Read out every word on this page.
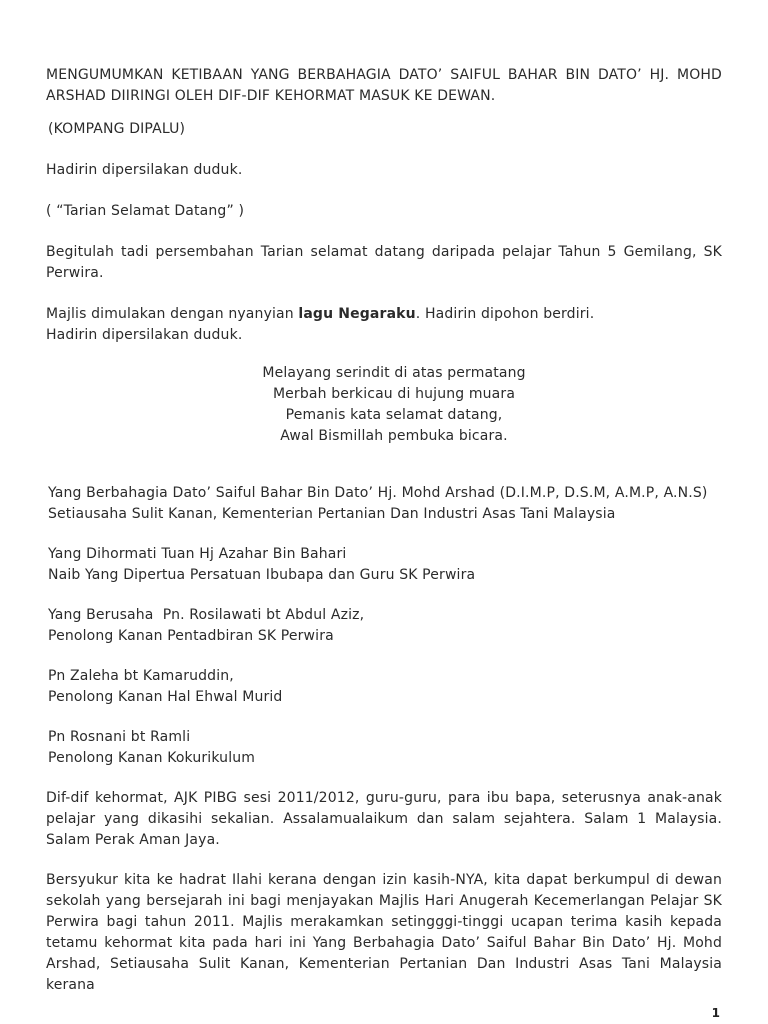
MENGUMUMKAN KETIBAAN YANG BERBAHAGIA DATO’ SAIFUL BAHAR BIN DATO’ HJ. MOHD ARSHAD DIIRINGI OLEH DIF-DIF KEHORMAT MASUK KE DEWAN.

(KOMPANG DIPALU)

Hadirin dipersilakan duduk.

( “Tarian Selamat Datang” )

Begitulah tadi persembahan Tarian selamat datang daripada pelajar Tahun 5 Gemilang, SK Perwira.

Majlis dimulakan dengan nyanyian lagu Negaraku. Hadirin dipohon berdiri.

Hadirin dipersilakan duduk.

Melayang serindit di atas permatang
Merbah berkicau di hujung muara
Pemanis kata selamat datang,
Awal Bismillah pembuka bicara.

Yang Berbahagia Dato’ Saiful Bahar Bin Dato’ Hj. Mohd Arshad (D.I.M.P, D.S.M, A.M.P, A.N.S)
Setiausaha Sulit Kanan, Kementerian Pertanian Dan Industri Asas Tani Malaysia

Yang Dihormati Tuan Hj Azahar Bin Bahari
Naib Yang Dipertua Persatuan Ibubapa dan Guru SK Perwira

Yang Berusaha  Pn. Rosilawati bt Abdul Aziz,
Penolong Kanan Pentadbiran SK Perwira

Pn Zaleha bt Kamaruddin,
Penolong Kanan Hal Ehwal Murid

Pn Rosnani bt Ramli
Penolong Kanan Kokurikulum

Dif-dif kehormat, AJK PIBG sesi 2011/2012, guru-guru, para ibu bapa, seterusnya anak-anak pelajar yang dikasihi sekalian. Assalamualaikum dan salam sejahtera. Salam 1 Malaysia. Salam Perak Aman Jaya.

Bersyukur kita ke hadrat Ilahi kerana dengan izin kasih-NYA, kita dapat berkumpul di dewan sekolah yang bersejarah ini bagi menjayakan Majlis Hari Anugerah Kecemerlangan Pelajar SK Perwira bagi tahun 2011. Majlis merakamkan setingggi-tinggi ucapan terima kasih kepada tetamu kehormat kita pada hari ini Yang Berbahagia Dato’ Saiful Bahar Bin Dato’ Hj. Mohd Arshad, Setiausaha Sulit Kanan, Kementerian Pertanian Dan Industri Asas Tani Malaysia kerana

1
